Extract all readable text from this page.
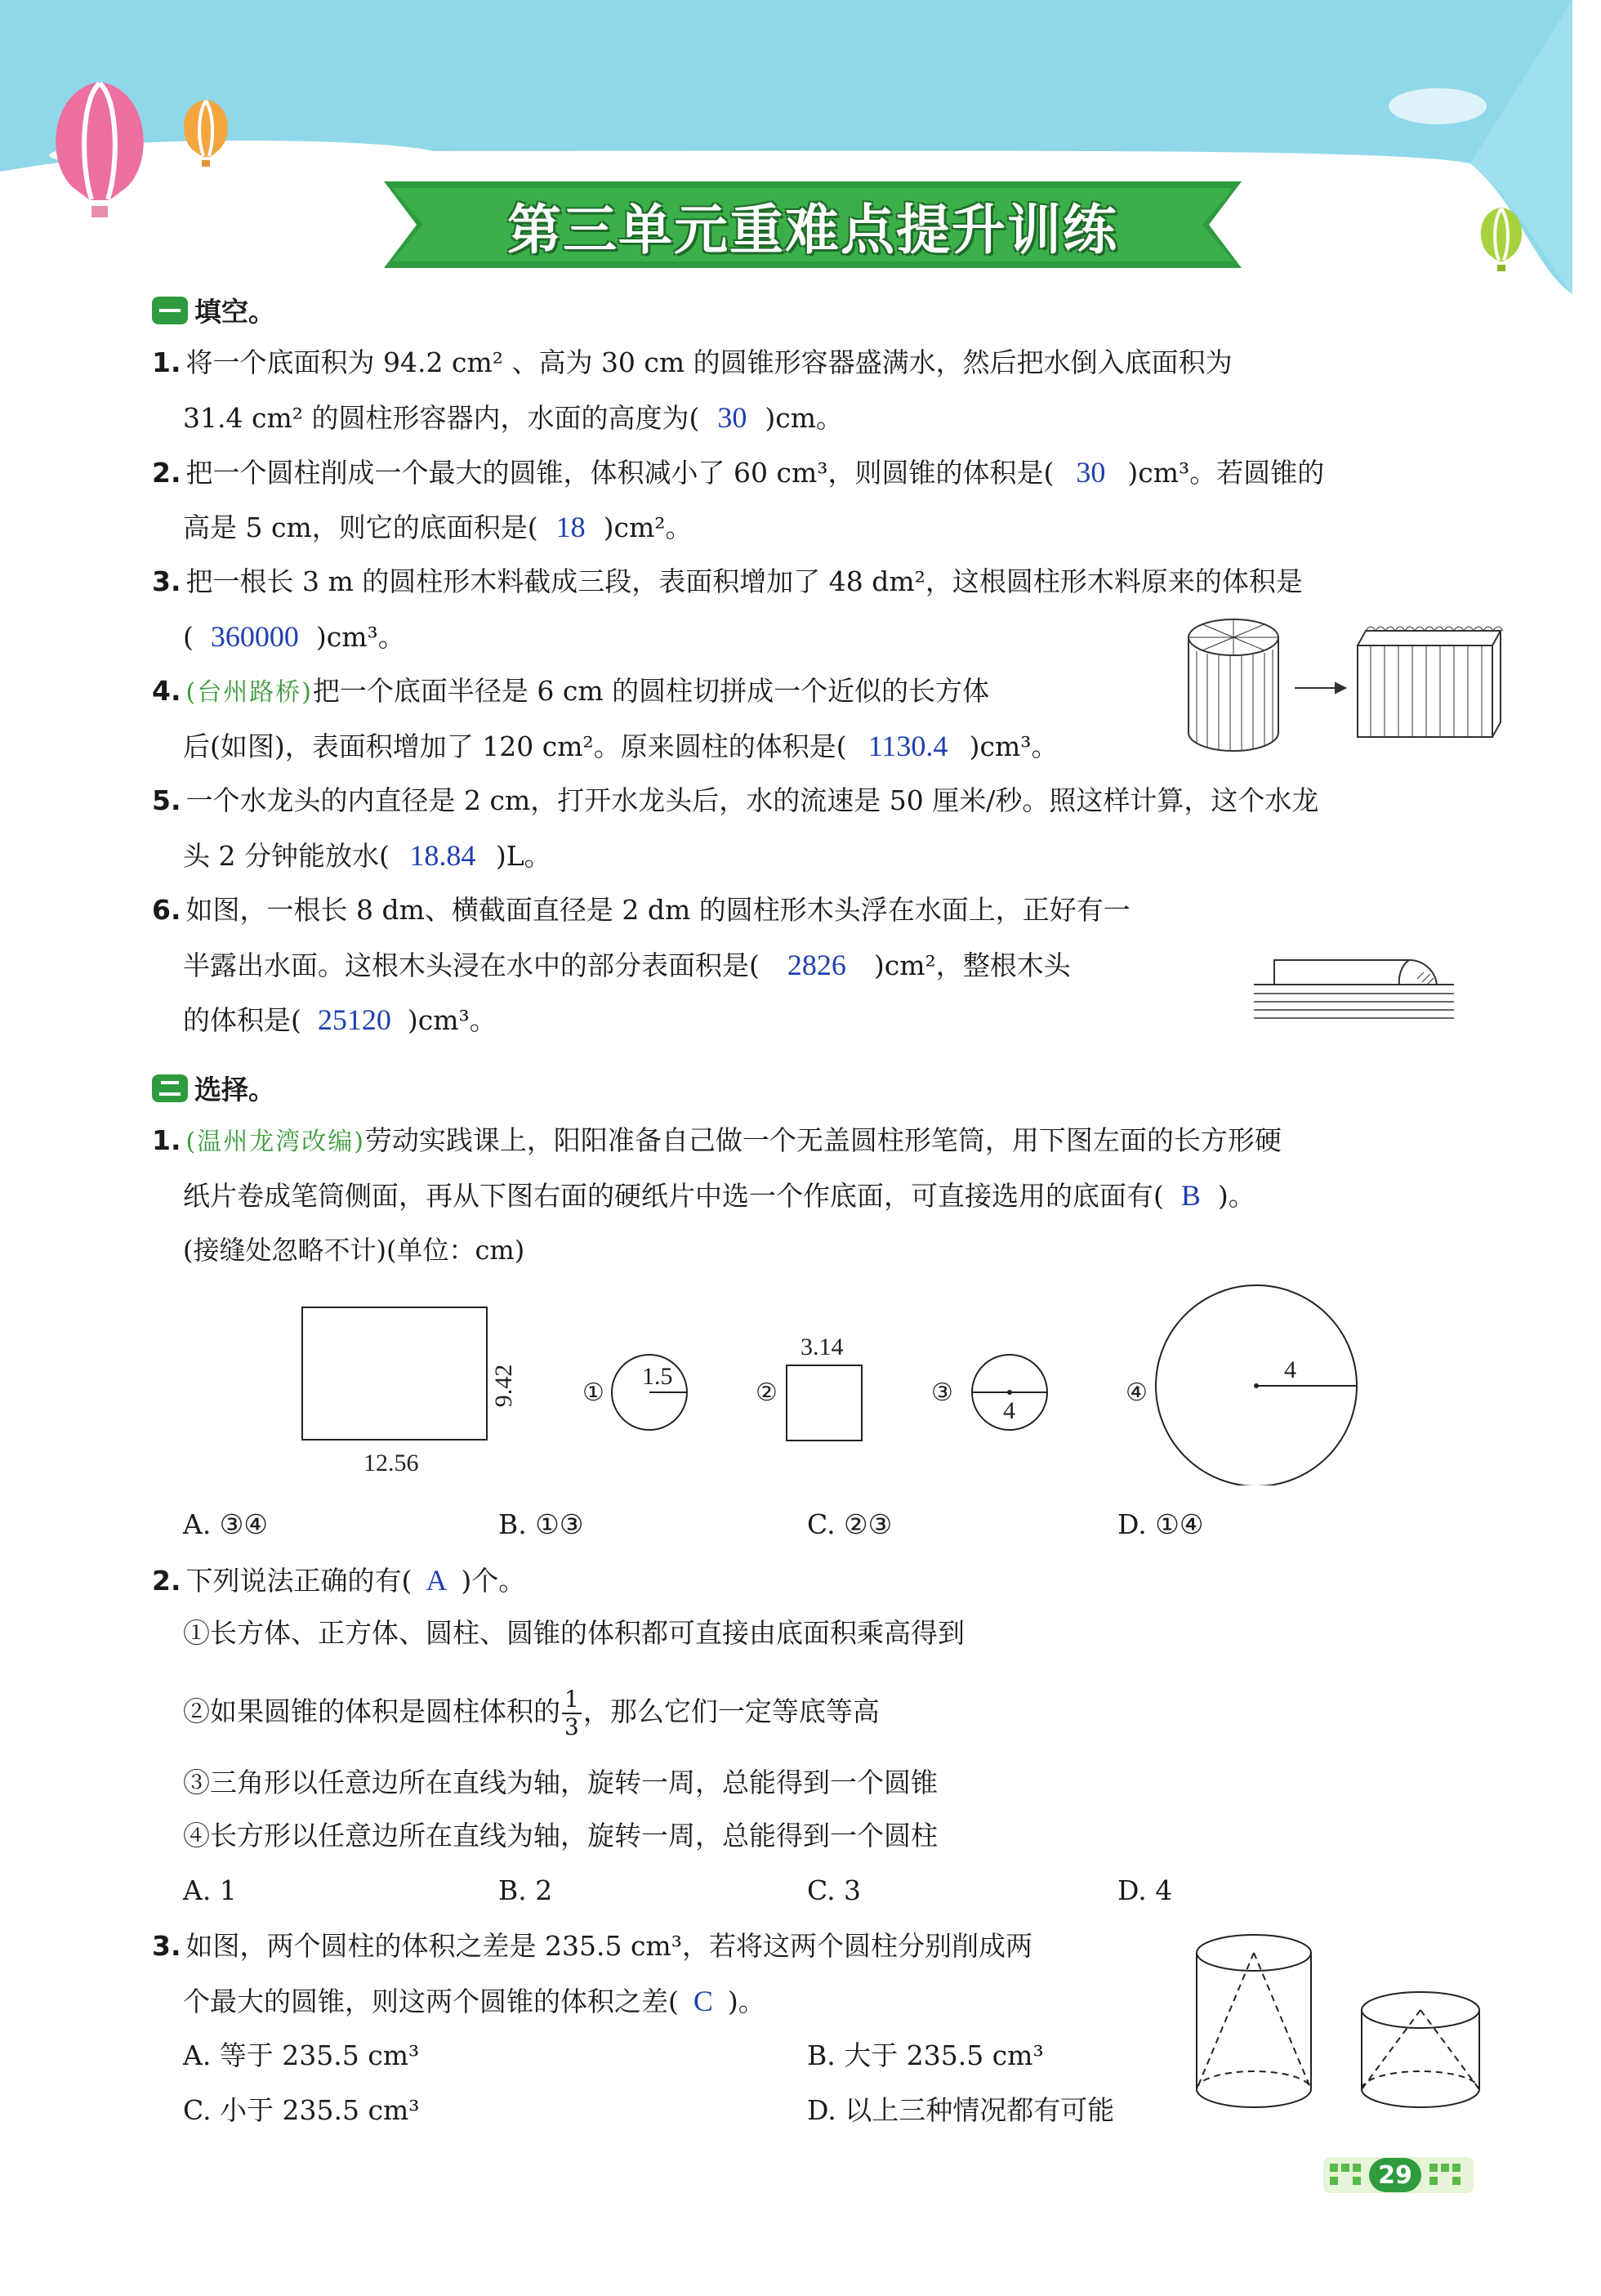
第三单元重难点提升训练
填空。
1. 将一个底面积为 94.2 cm² 、高为 30 cm 的圆锥形容器盛满水，然后把水倒入底面积为
31.4 cm² 的圆柱形容器内，水面的高度为( 30 )cm。
2. 把一个圆柱削成一个最大的圆锥，体积减小了 60 cm³，则圆锥的体积是( 30 )cm³。若圆锥的
高是 5 cm，则它的底面积是( 18 )cm²。
3. 把一根长 3 m 的圆柱形木料截成三段，表面积增加了 48 dm²，这根圆柱形木料原来的体积是
( 360000 )cm³。
4. (台州路桥)把一个底面半径是 6 cm 的圆柱切拼成一个近似的长方体
后(如图)，表面积增加了 120 cm²。原来圆柱的体积是( 1130.4 )cm³。
5. 一个水龙头的内直径是 2 cm，打开水龙头后，水的流速是 50 厘米/秒。照这样计算，这个水龙
头 2 分钟能放水( 18.84 )L。
6. 如图，一根长 8 dm、横截面直径是 2 dm 的圆柱形木头浮在水面上，正好有一
半露出水面。这根木头浸在水中的部分表面积是( 2826 )cm²，整根木头
的体积是( 25120 )cm³。
选择。
1. (温州龙湾改编)劳动实践课上，阳阳准备自己做一个无盖圆柱形笔筒，用下图左面的长方形硬
纸片卷成笔筒侧面，再从下图右面的硬纸片中选一个作底面，可直接选用的底面有( B )。
(接缝处忽略不计)(单位：cm)
12.56
9.42	①
1.5
②
3.14
③
4
④
4
A. ③④	B. ①③	C. ②③	D. ①④
2. 下列说法正确的有( A )个。
①长方体、正方体、圆柱、圆锥的体积都可直接由底面积乘高得到
②如果圆锥的体积是圆柱体积的 $\frac{1}{3}$ ，那么它们一定等底等高
③三角形以任意边所在直线为轴，旋转一周，总能得到一个圆锥
④长方形以任意边所在直线为轴，旋转一周，总能得到一个圆柱
A. 1	B. 2	C. 3	D. 4
3. 如图，两个圆柱的体积之差是 235.5 cm³，若将这两个圆柱分别削成两
个最大的圆锥，则这两个圆锥的体积之差( C )。
A. 等于 235.5 cm³	B. 大于 235.5 cm³
C. 小于 235.5 cm³	D. 以上三种情况都有可能
29
